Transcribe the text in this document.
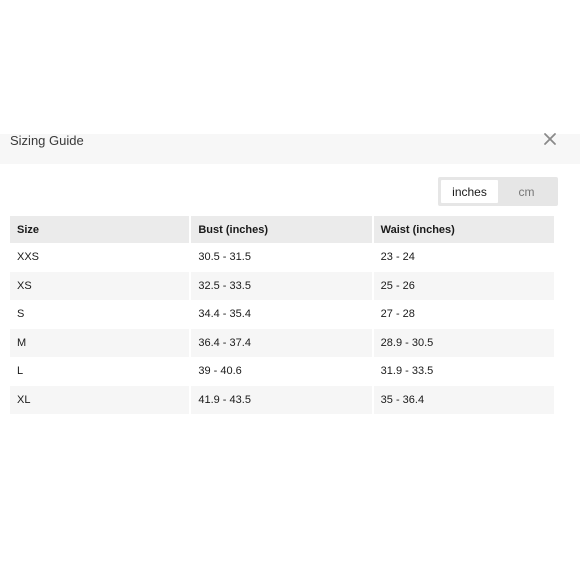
Sizing Guide
inches	cm
Size	Bust (inches)	Waist (inches)
XXS	30.5 - 31.5	23 - 24
XS	32.5 - 33.5	25 - 26
S	34.4 - 35.4	27 - 28
M	36.4 - 37.4	28.9 - 30.5
L	39 - 40.6	31.9 - 33.5
XL	41.9 - 43.5	35 - 36.4
